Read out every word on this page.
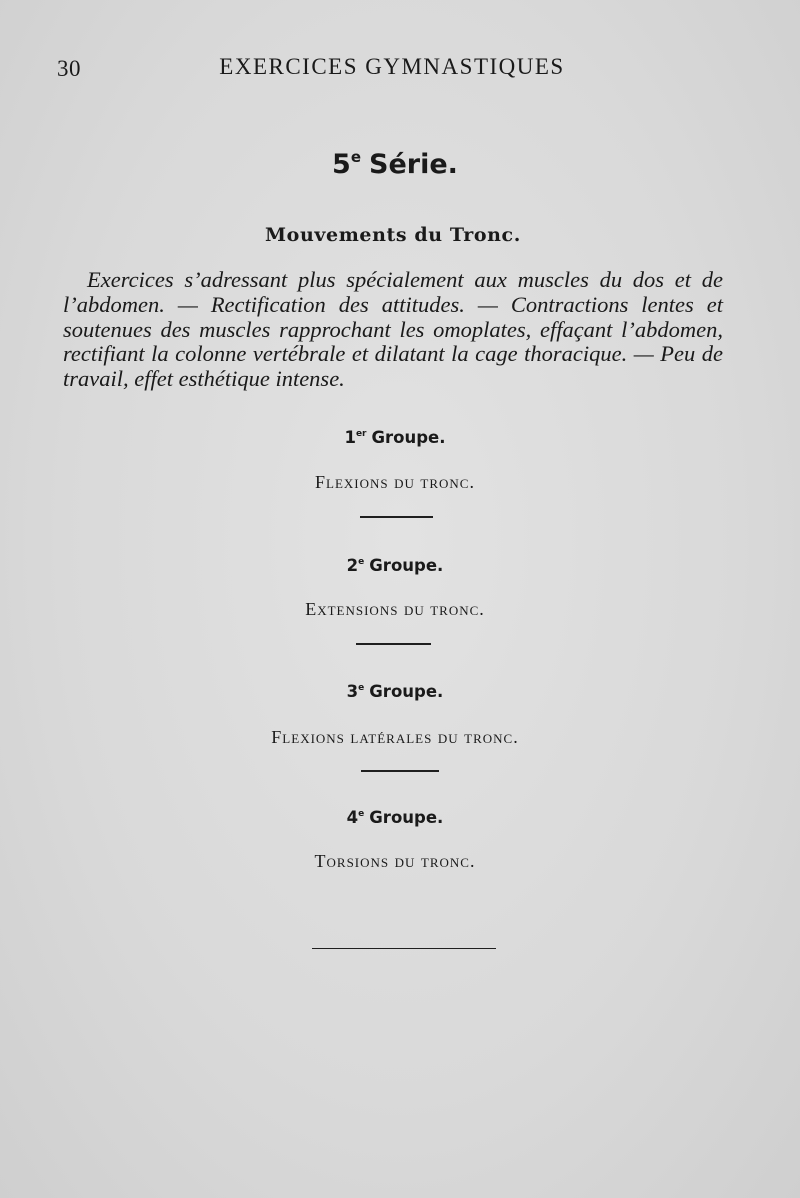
30	EXERCICES GYMNASTIQUES
5e Série.
Mouvements du Tronc.

Exercices s’adressant plus spécialement aux muscles du dos et de l’abdomen. — Rectification des attitudes. — Contractions lentes et soutenues des muscles rapprochant les omoplates, effaçant l’abdomen, rectifiant la colonne vertébrale et dilatant la cage thoracique. — Peu de travail, effet esthétique intense.

1er Groupe.
Flexions du tronc.
2e Groupe.
Extensions du tronc.
3e Groupe.
Flexions latérales du tronc.
4e Groupe.
Torsions du tronc.
